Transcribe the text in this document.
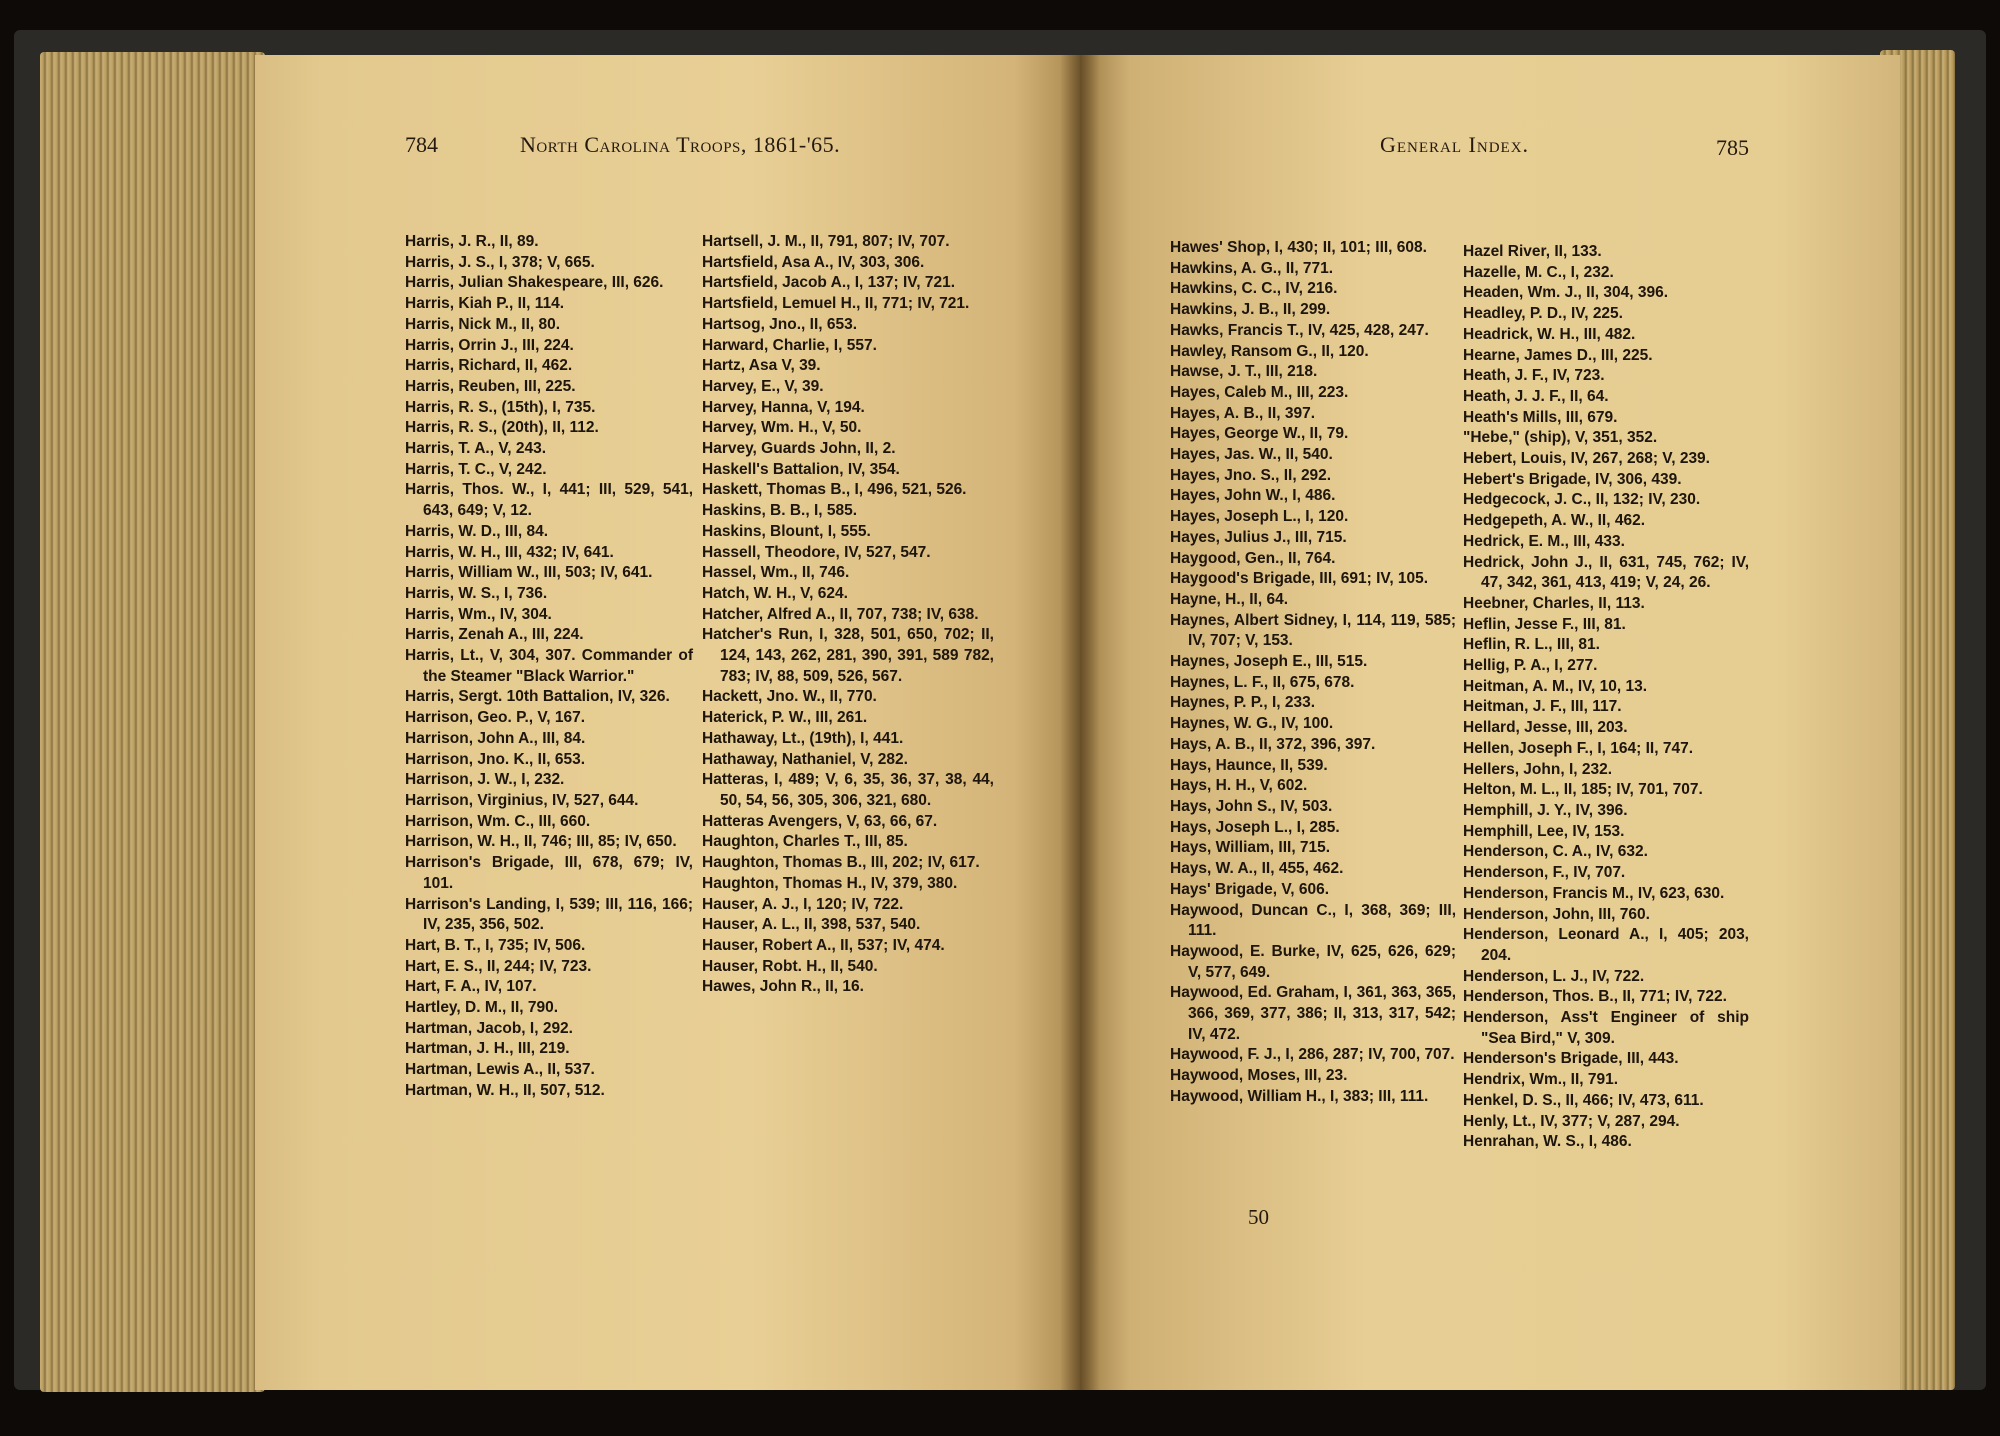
784	North Carolina Troops, 1861-'65.	General Index.	785
Harris, J. R., II, 89.
Harris, J. S., I, 378; V, 665.
Harris, Julian Shakespeare, III, 626.
Harris, Kiah P., II, 114.
Harris, Nick M., II, 80.
Harris, Orrin J., III, 224.
Harris, Richard, II, 462.
Harris, Reuben, III, 225.
Harris, R. S., (15th), I, 735.
Harris, R. S., (20th), II, 112.
Harris, T. A., V, 243.
Harris, T. C., V, 242.
Harris, Thos. W., I, 441; III, 529, 541, 643, 649; V, 12.
Harris, W. D., III, 84.
Harris, W. H., III, 432; IV, 641.
Harris, William W., III, 503; IV, 641.
Harris, W. S., I, 736.
Harris, Wm., IV, 304.
Harris, Zenah A., III, 224.
Harris, Lt., V, 304, 307. Commander of the Steamer "Black Warrior."
Harris, Sergt. 10th Battalion, IV, 326.
Harrison, Geo. P., V, 167.
Harrison, John A., III, 84.
Harrison, Jno. K., II, 653.
Harrison, J. W., I, 232.
Harrison, Virginius, IV, 527, 644.
Harrison, Wm. C., III, 660.
Harrison, W. H., II, 746; III, 85; IV, 650.
Harrison's Brigade, III, 678, 679; IV, 101.
Harrison's Landing, I, 539; III, 116, 166; IV, 235, 356, 502.
Hart, B. T., I, 735; IV, 506.
Hart, E. S., II, 244; IV, 723.
Hart, F. A., IV, 107.
Hartley, D. M., II, 790.
Hartman, Jacob, I, 292.
Hartman, J. H., III, 219.
Hartman, Lewis A., II, 537.
Hartman, W. H., II, 507, 512.
Hartsell, J. M., II, 791, 807; IV, 707.
Hartsfield, Asa A., IV, 303, 306.
Hartsfield, Jacob A., I, 137; IV, 721.
Hartsfield, Lemuel H., II, 771; IV, 721.
Hartsog, Jno., II, 653.
Harward, Charlie, I, 557.
Hartz, Asa V, 39.
Harvey, E., V, 39.
Harvey, Hanna, V, 194.
Harvey, Wm. H., V, 50.
Harvey, Guards John, II, 2.
Haskell's Battalion, IV, 354.
Haskett, Thomas B., I, 496, 521, 526.
Haskins, B. B., I, 585.
Haskins, Blount, I, 555.
Hassell, Theodore, IV, 527, 547.
Hassel, Wm., II, 746.
Hatch, W. H., V, 624.
Hatcher, Alfred A., II, 707, 738; IV, 638.
Hatcher's Run, I, 328, 501, 650, 702; II, 124, 143, 262, 281, 390, 391, 589 782, 783; IV, 88, 509, 526, 567.
Hackett, Jno. W., II, 770.
Haterick, P. W., III, 261.
Hathaway, Lt., (19th), I, 441.
Hathaway, Nathaniel, V, 282.
Hatteras, I, 489; V, 6, 35, 36, 37, 38, 44, 50, 54, 56, 305, 306, 321, 680.
Hatteras Avengers, V, 63, 66, 67.
Haughton, Charles T., III, 85.
Haughton, Thomas B., III, 202; IV, 617.
Haughton, Thomas H., IV, 379, 380.
Hauser, A. J., I, 120; IV, 722.
Hauser, A. L., II, 398, 537, 540.
Hauser, Robert A., II, 537; IV, 474.
Hauser, Robt. H., II, 540.
Hawes, John R., II, 16.
Hawes' Shop, I, 430; II, 101; III, 608.
Hawkins, A. G., II, 771.
Hawkins, C. C., IV, 216.
Hawkins, J. B., II, 299.
Hawks, Francis T., IV, 425, 428, 247.
Hawley, Ransom G., II, 120.
Hawse, J. T., III, 218.
Hayes, Caleb M., III, 223.
Hayes, A. B., II, 397.
Hayes, George W., II, 79.
Hayes, Jas. W., II, 540.
Hayes, Jno. S., II, 292.
Hayes, John W., I, 486.
Hayes, Joseph L., I, 120.
Hayes, Julius J., III, 715.
Haygood, Gen., II, 764.
Haygood's Brigade, III, 691; IV, 105.
Hayne, H., II, 64.
Haynes, Albert Sidney, I, 114, 119, 585; IV, 707; V, 153.
Haynes, Joseph E., III, 515.
Haynes, L. F., II, 675, 678.
Haynes, P. P., I, 233.
Haynes, W. G., IV, 100.
Hays, A. B., II, 372, 396, 397.
Hays, Haunce, II, 539.
Hays, H. H., V, 602.
Hays, John S., IV, 503.
Hays, Joseph L., I, 285.
Hays, William, III, 715.
Hays, W. A., II, 455, 462.
Hays' Brigade, V, 606.
Haywood, Duncan C., I, 368, 369; III, 111.
Haywood, E. Burke, IV, 625, 626, 629; V, 577, 649.
Haywood, Ed. Graham, I, 361, 363, 365, 366, 369, 377, 386; II, 313, 317, 542; IV, 472.
Haywood, F. J., I, 286, 287; IV, 700, 707.
Haywood, Moses, III, 23.
Haywood, William H., I, 383; III, 111.
Hazel River, II, 133.
Hazelle, M. C., I, 232.
Headen, Wm. J., II, 304, 396.
Headley, P. D., IV, 225.
Headrick, W. H., III, 482.
Hearne, James D., III, 225.
Heath, J. F., IV, 723.
Heath, J. J. F., II, 64.
Heath's Mills, III, 679.
"Hebe," (ship), V, 351, 352.
Hebert, Louis, IV, 267, 268; V, 239.
Hebert's Brigade, IV, 306, 439.
Hedgecock, J. C., II, 132; IV, 230.
Hedgepeth, A. W., II, 462.
Hedrick, E. M., III, 433.
Hedrick, John J., II, 631, 745, 762; IV, 47, 342, 361, 413, 419; V, 24, 26.
Heebner, Charles, II, 113.
Heflin, Jesse F., III, 81.
Heflin, R. L., III, 81.
Hellig, P. A., I, 277.
Heitman, A. M., IV, 10, 13.
Heitman, J. F., III, 117.
Hellard, Jesse, III, 203.
Hellen, Joseph F., I, 164; II, 747.
Hellers, John, I, 232.
Helton, M. L., II, 185; IV, 701, 707.
Hemphill, J. Y., IV, 396.
Hemphill, Lee, IV, 153.
Henderson, C. A., IV, 632.
Henderson, F., IV, 707.
Henderson, Francis M., IV, 623, 630.
Henderson, John, III, 760.
Henderson, Leonard A., I, 405; 203, 204.
Henderson, L. J., IV, 722.
Henderson, Thos. B., II, 771; IV, 722.
Henderson, Ass't Engineer of ship "Sea Bird," V, 309.
Henderson's Brigade, III, 443.
Hendrix, Wm., II, 791.
Henkel, D. S., II, 466; IV, 473, 611.
Henly, Lt., IV, 377; V, 287, 294.
Henrahan, W. S., I, 486.
50
